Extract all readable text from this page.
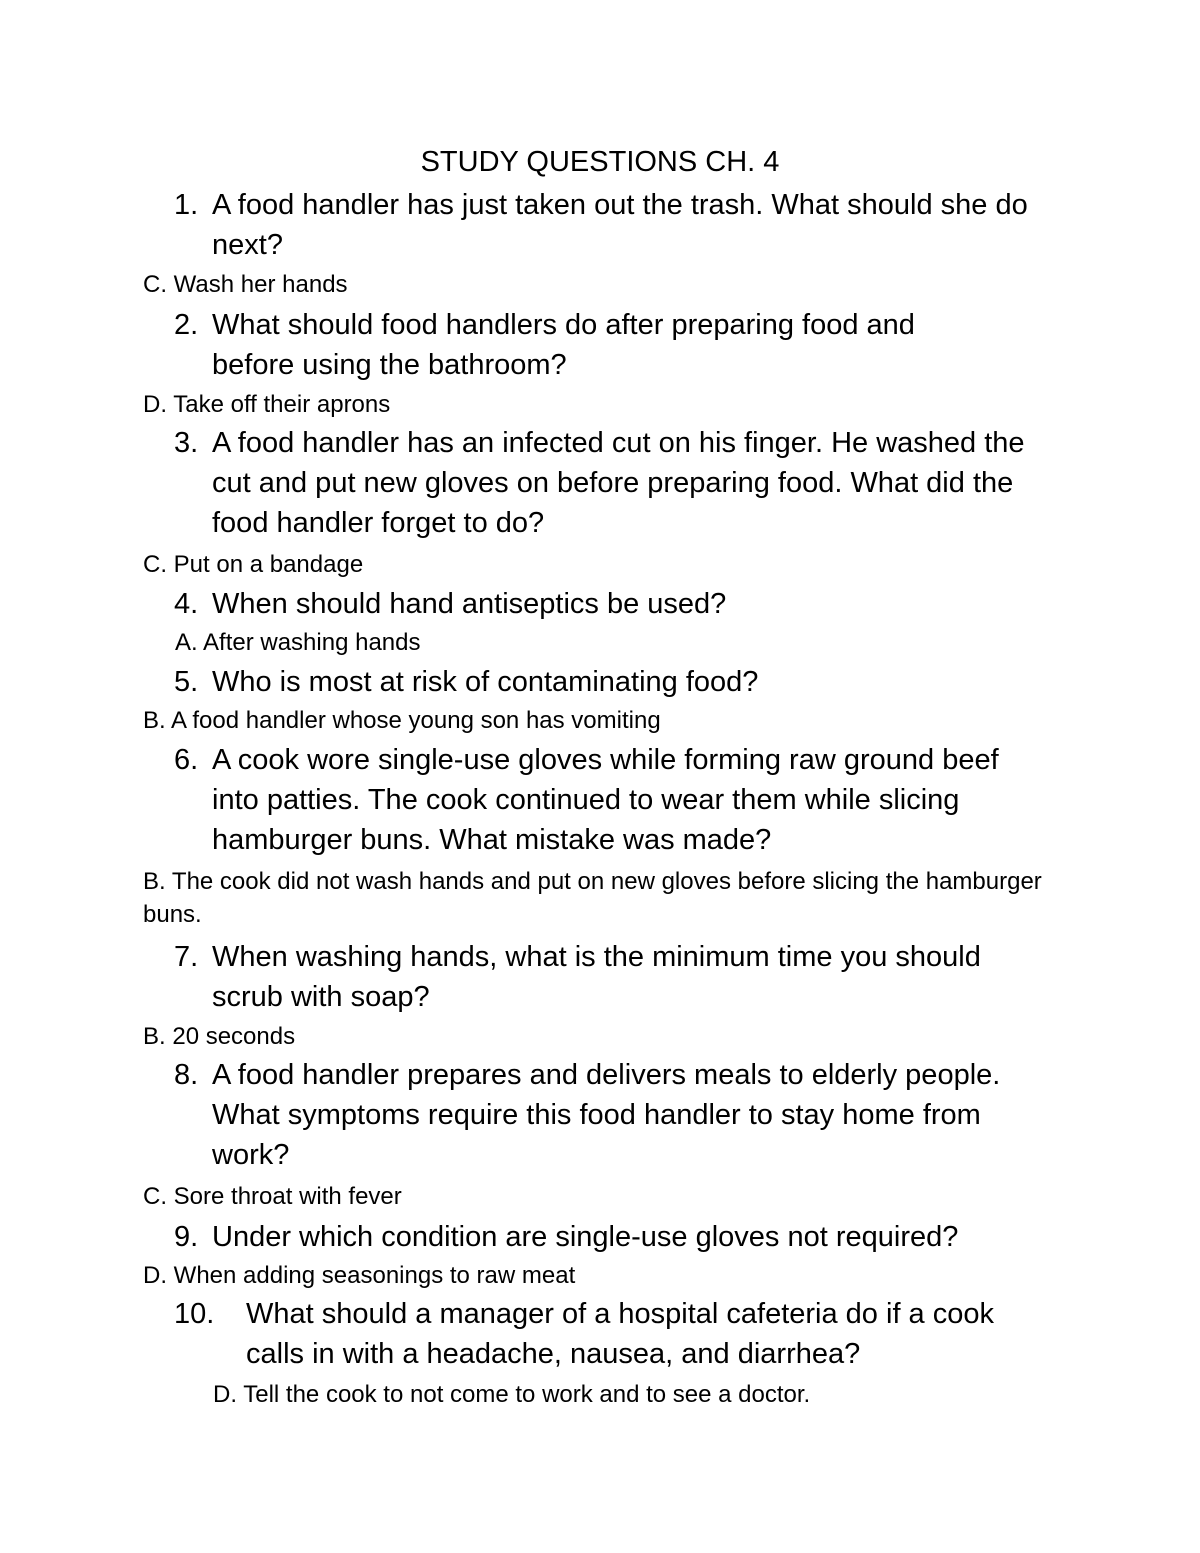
STUDY QUESTIONS CH. 4
1. A food handler has just taken out the trash. What should she do next?
C. Wash her hands
2. What should food handlers do after preparing food and before using the bathroom?
D. Take off their aprons
3. A food handler has an infected cut on his finger. He washed the cut and put new gloves on before preparing food. What did the food handler forget to do?
C. Put on a bandage
4. When should hand antiseptics be used?
A. After washing hands
5. Who is most at risk of contaminating food?
B. A food handler whose young son has vomiting
6. A cook wore single-use gloves while forming raw ground beef into patties. The cook continued to wear them while slicing hamburger buns. What mistake was made?
B. The cook did not wash hands and put on new gloves before slicing the hamburger buns.
7. When washing hands, what is the minimum time you should scrub with soap?
B. 20 seconds
8. A food handler prepares and delivers meals to elderly people. What symptoms require this food handler to stay home from work?
C. Sore throat with fever
9. Under which condition are single-use gloves not required?
D. When adding seasonings to raw meat
10.	What should a manager of a hospital cafeteria do if a cook calls in with a headache, nausea, and diarrhea?
D. Tell the cook to not come to work and to see a doctor.
